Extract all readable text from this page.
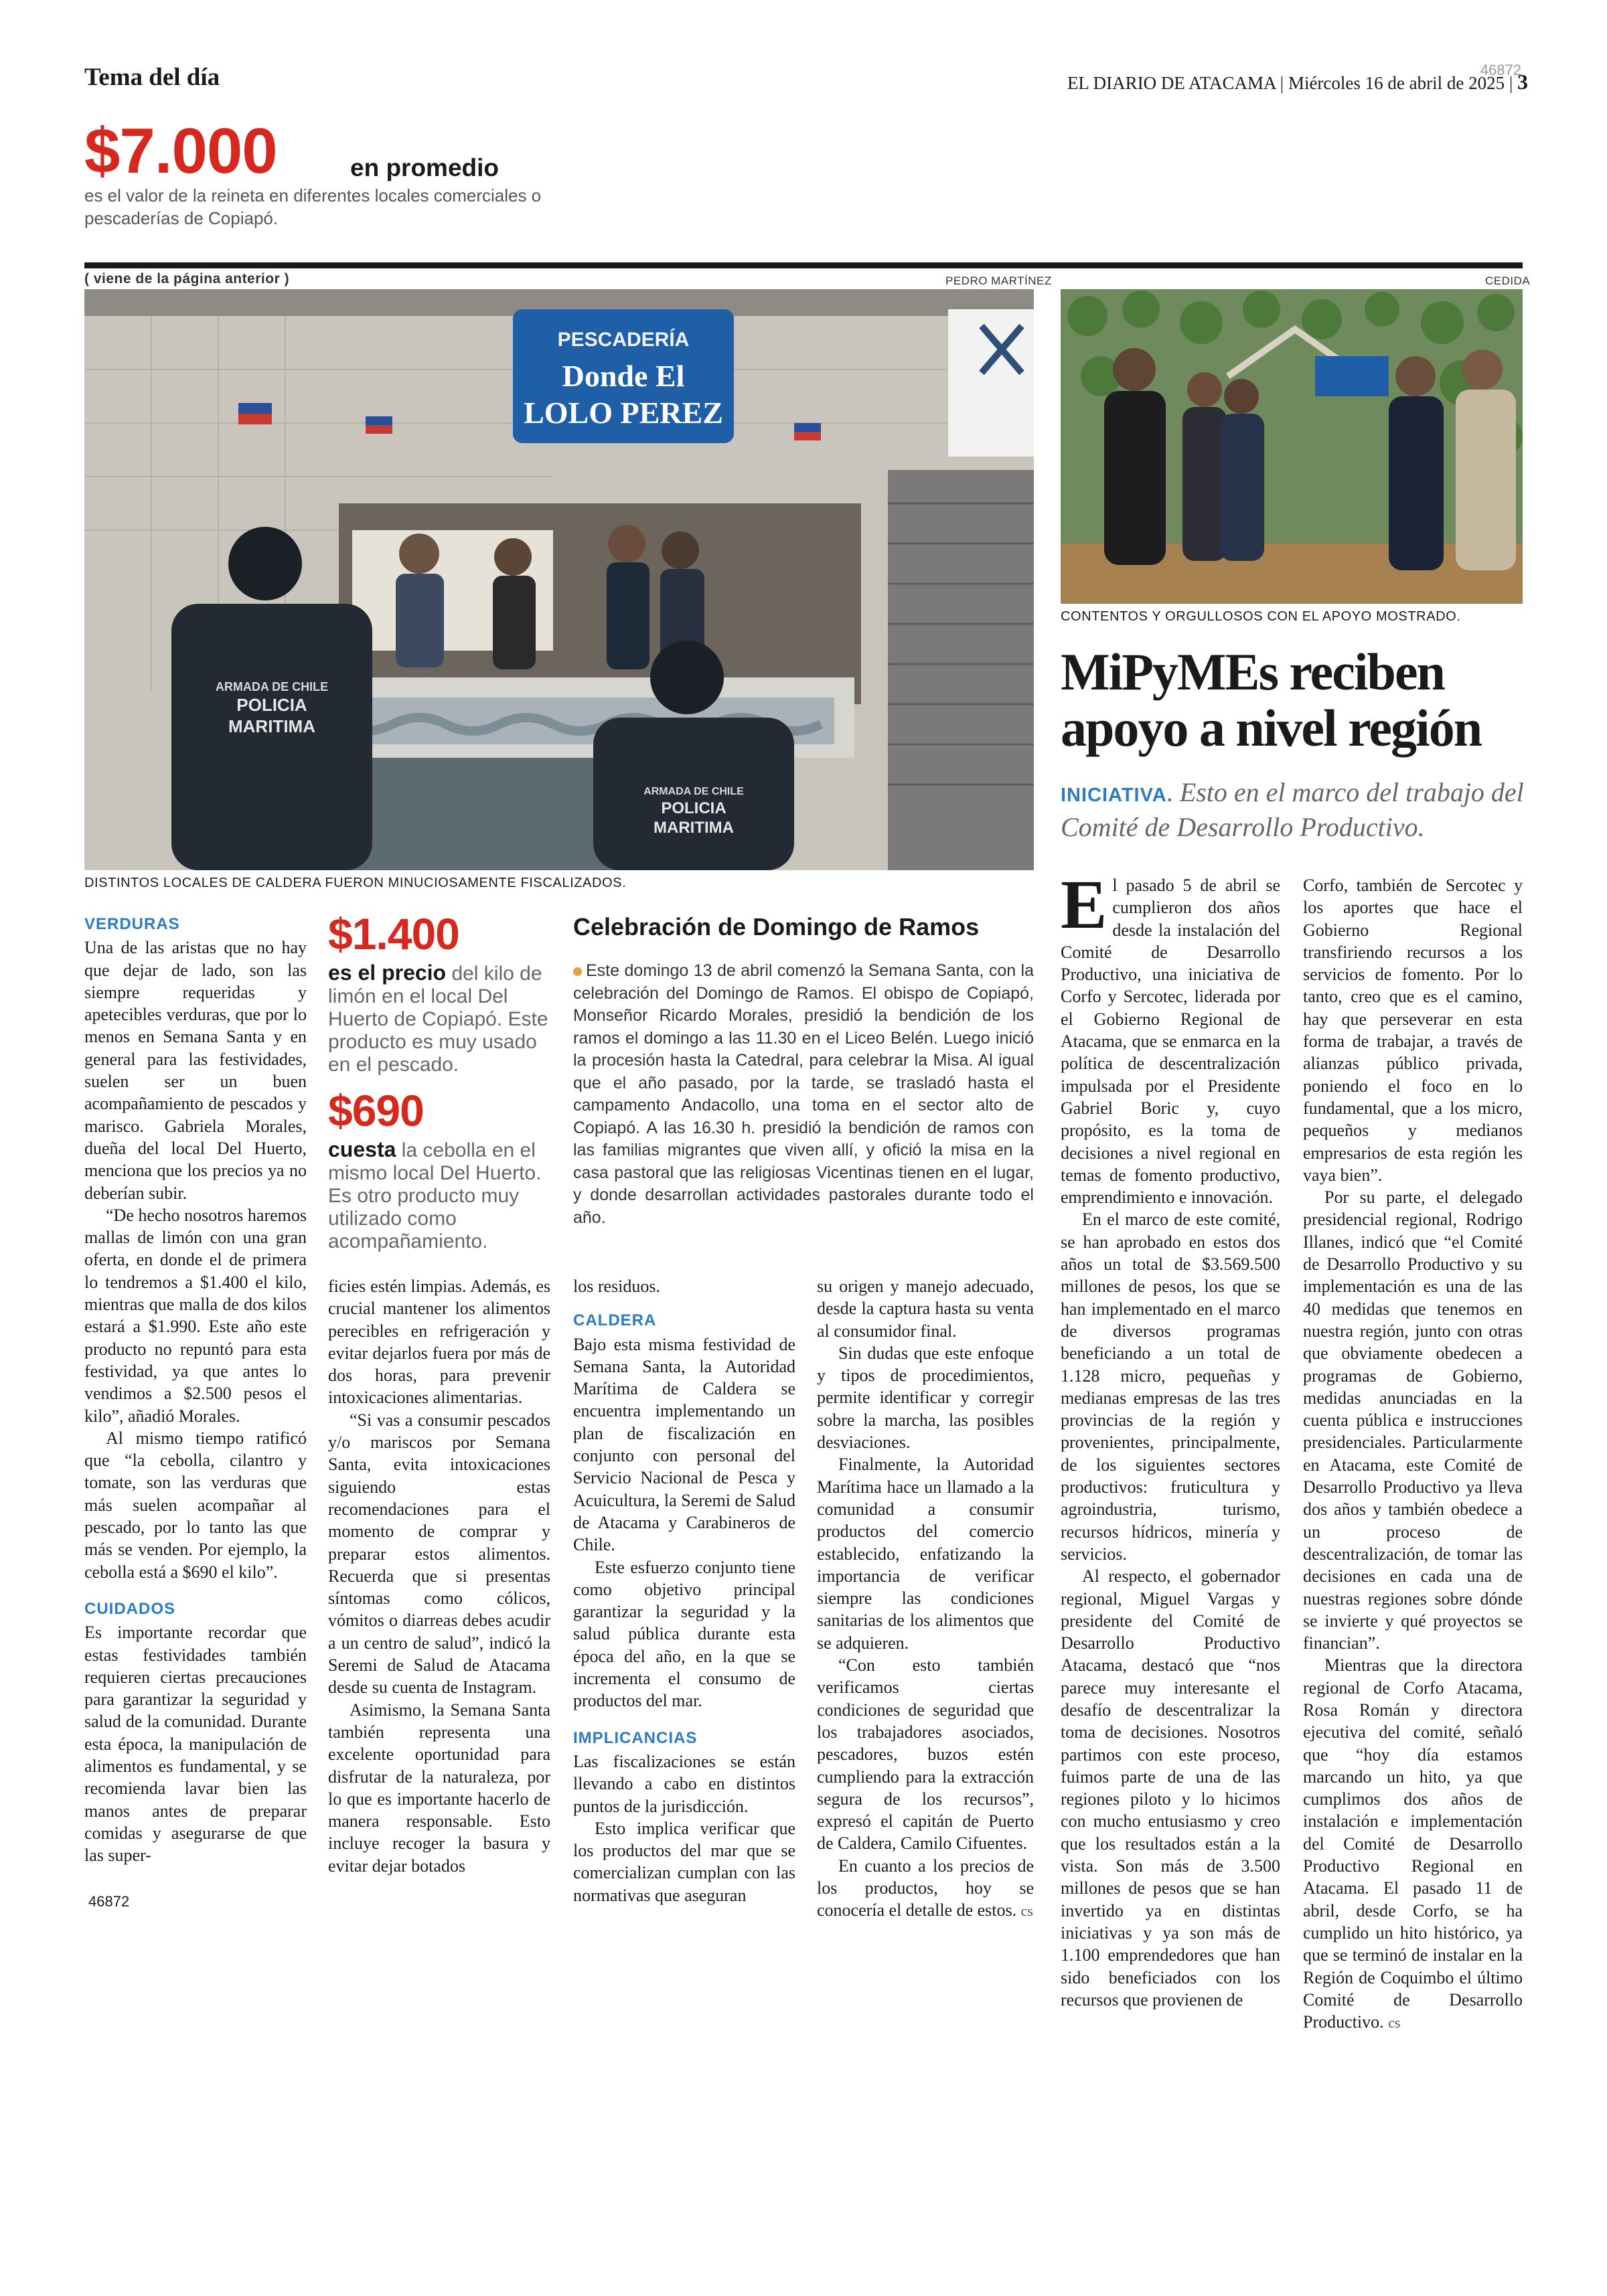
46872
Tema del día	EL DIARIO DE ATACAMA | Miércoles 16 de abril de 2025 | 3
$7.000	en promedio
es el valor de la reineta en diferentes locales comerciales o pescaderías de Copiapó.
( viene de la página anterior )	PEDRO MARTÍNEZ
PESCADERÍA
Donde El
LOLO PEREZ
ARMADA DE CHILE
POLICIA
MARITIMA
ARMADA DE CHILE
POLICIA
MARITIMA
DISTINTOS LOCALES DE CALDERA FUERON MINUCIOSAMENTE FISCALIZADOS.
VERDURAS

Una de las aristas que no hay que dejar de lado, son las siempre requeridas y apetecibles verduras, que por lo menos en Semana Santa y en general para las festividades, suelen ser un buen acompañamiento de pescados y marisco. Gabriela Morales, dueña del local Del Huerto, menciona que los precios ya no deberían subir.

“De hecho nosotros haremos mallas de limón con una gran oferta, en donde el de primera lo tendremos a $1.400 el kilo, mientras que malla de dos kilos estará a $1.990. Este año este producto no repuntó para esta festividad, ya que antes lo vendimos a $2.500 pesos el kilo”, añadió Morales.

Al mismo tiempo ratificó que “la cebolla, cilantro y tomate, son las verduras que más suelen acompañar al pescado, por lo tanto las que más se venden. Por ejemplo, la cebolla está a $690 el kilo”.

CUIDADOS

Es importante recordar que estas festividades también requieren ciertas precauciones para garantizar la seguridad y salud de la comunidad. Durante esta época, la manipulación de alimentos es fundamental, y se recomienda lavar bien las manos antes de preparar comidas y asegurarse de que las super-

46872
$1.400
es el precio del kilo de limón en el local Del Huerto de Copiapó. Este producto es muy usado en el pescado.
$690
cuesta la cebolla en el mismo local Del Huerto. Es otro producto muy utilizado como acompañamiento.
Celebración de Domingo de Ramos
Este domingo 13 de abril comenzó la Semana Santa, con la celebración del Domingo de Ramos. El obispo de Copiapó, Monseñor Ricardo Morales, presidió la bendición de los ramos el domingo a las 11.30 en el Liceo Belén. Luego inició la procesión hasta la Catedral, para celebrar la Misa. Al igual que el año pasado, por la tarde, se trasladó hasta el campamento Andacollo, una toma en el sector alto de Copiapó. A las 16.30 h. presidió la bendición de ramos con las familias migrantes que viven allí, y ofició la misa en la casa pastoral que las religiosas Vicentinas tienen en el lugar, y donde desarrollan actividades pastorales durante todo el año.

ficies estén limpias. Además, es crucial mantener los alimentos perecibles en refrigeración y evitar dejarlos fuera por más de dos horas, para prevenir intoxicaciones alimentarias.

“Si vas a consumir pescados y/o mariscos por Semana Santa, evita intoxicaciones siguiendo estas recomendaciones para el momento de comprar y preparar estos alimentos. Recuerda que si presentas síntomas como cólicos, vómitos o diarreas debes acudir a un centro de salud”, indicó la Seremi de Salud de Atacama desde su cuenta de Instagram.

Asimismo, la Semana Santa también representa una excelente oportunidad para disfrutar de la naturaleza, por lo que es importante hacerlo de manera responsable. Esto incluye recoger la basura y evitar dejar botados

los residuos.

CALDERA

Bajo esta misma festividad de Semana Santa, la Autoridad Marítima de Caldera se encuentra implementando un plan de fiscalización en conjunto con personal del Servicio Nacional de Pesca y Acuicultura, la Seremi de Salud de Atacama y Carabineros de Chile.

Este esfuerzo conjunto tiene como objetivo principal garantizar la seguridad y la salud pública durante esta época del año, en la que se incrementa el consumo de productos del mar.

IMPLICANCIAS

Las fiscalizaciones se están llevando a cabo en distintos puntos de la jurisdicción.

Esto implica verificar que los productos del mar que se comercializan cumplan con las normativas que aseguran

su origen y manejo adecuado, desde la captura hasta su venta al consumidor final.

Sin dudas que este enfoque y tipos de procedimientos, permite identificar y corregir sobre la marcha, las posibles desviaciones.

Finalmente, la Autoridad Marítima hace un llamado a la comunidad a consumir productos del comercio establecido, enfatizando la importancia de verificar siempre las condiciones sanitarias de los alimentos que se adquieren.

“Con esto también verificamos ciertas condiciones de seguridad que los trabajadores asociados, pescadores, buzos estén cumpliendo para la extracción segura de los recursos”, expresó el capitán de Puerto de Caldera, Camilo Cifuentes.

En cuanto a los precios de los productos, hoy se conocería el detalle de estos. cs

CEDIDA
CONTENTOS Y ORGULLOSOS CON EL APOYO MOSTRADO.
MiPyMEs reciben apoyo a nivel región
INICIATIVA. Esto en el marco del trabajo del Comité de Desarrollo Productivo.

El pasado 5 de abril se cumplieron dos años desde la instalación del Comité de Desarrollo Productivo, una iniciativa de Corfo y Sercotec, liderada por el Gobierno Regional de Atacama, que se enmarca en la política de descentralización impulsada por el Presidente Gabriel Boric y, cuyo propósito, es la toma de decisiones a nivel regional en temas de fomento productivo, emprendimiento e innovación.

En el marco de este comité, se han aprobado en estos dos años un total de $3.569.500 millones de pesos, los que se han implementado en el marco de diversos programas beneficiando a un total de 1.128 micro, pequeñas y medianas empresas de las tres provincias de la región y provenientes, principalmente, de los siguientes sectores productivos: fruticultura y agroindustria, turismo, recursos hídricos, minería y servicios.

Al respecto, el gobernador regional, Miguel Vargas y presidente del Comité de Desarrollo Productivo Atacama, destacó que “nos parece muy interesante el desafío de descentralizar la toma de decisiones. Nosotros partimos con este proceso, fuimos parte de una de las regiones piloto y lo hicimos con mucho entusiasmo y creo que los resultados están a la vista. Son más de 3.500 millones de pesos que se han invertido ya en distintas iniciativas y ya son más de 1.100 emprendedores que han sido beneficiados con los recursos que provienen de

Corfo, también de Sercotec y los aportes que hace el Gobierno Regional transfiriendo recursos a los servicios de fomento. Por lo tanto, creo que es el camino, hay que perseverar en esta forma de trabajar, a través de alianzas público privada, poniendo el foco en lo fundamental, que a los micro, pequeños y medianos empresarios de esta región les vaya bien”.

Por su parte, el delegado presidencial regional, Rodrigo Illanes, indicó que “el Comité de Desarrollo Productivo y su implementación es una de las 40 medidas que tenemos en nuestra región, junto con otras que obviamente obedecen a programas de Gobierno, medidas anunciadas en la cuenta pública e instrucciones presidenciales. Particularmente en Atacama, este Comité de Desarrollo Productivo ya lleva dos años y también obedece a un proceso de descentralización, de tomar las decisiones en cada una de nuestras regiones sobre dónde se invierte y qué proyectos se financian”.

Mientras que la directora regional de Corfo Atacama, Rosa Román y directora ejecutiva del comité, señaló que “hoy día estamos marcando un hito, ya que cumplimos dos años de instalación e implementación del Comité de Desarrollo Productivo Regional en Atacama. El pasado 11 de abril, desde Corfo, se ha cumplido un hito histórico, ya que se terminó de instalar en la Región de Coquimbo el último Comité de Desarrollo Productivo. cs
